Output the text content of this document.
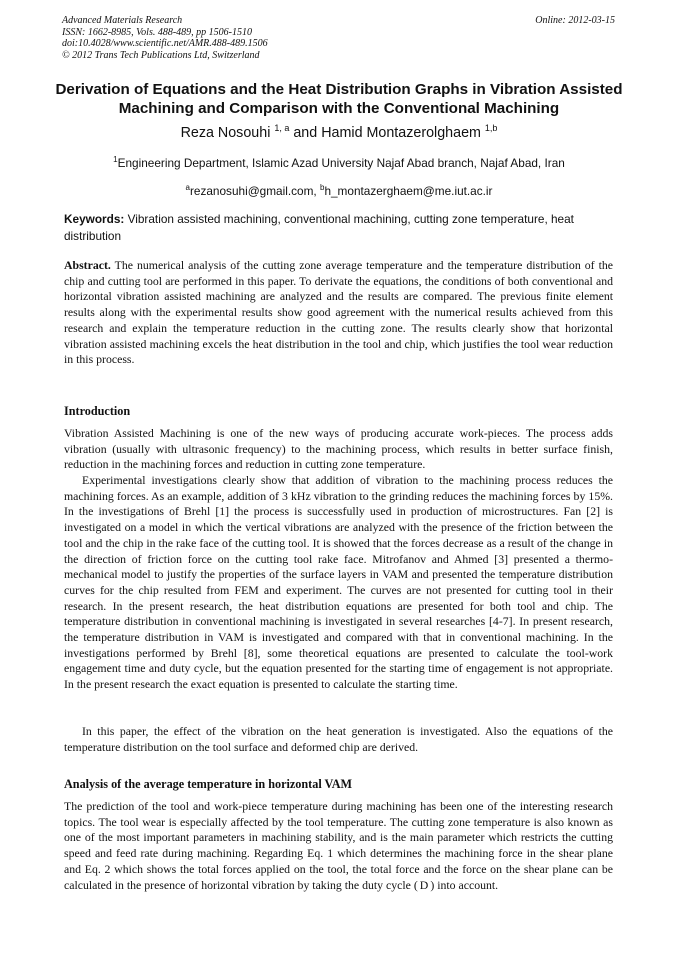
Advanced Materials Research
ISSN: 1662-8985, Vols. 488-489, pp 1506-1510
doi:10.4028/www.scientific.net/AMR.488-489.1506
© 2012 Trans Tech Publications Ltd, Switzerland
Online: 2012-03-15
Derivation of Equations and the Heat Distribution Graphs in Vibration Assisted Machining and Comparison with the Conventional Machining
Reza Nosouhi $^{1, a}$ and Hamid Montazerolghaem $^{1,b}$
$^1$Engineering Department, Islamic Azad University Najaf Abad branch, Najaf Abad, Iran
$^a$rezanosuhi@gmail.com, $^b$h_montazerghaem@me.iut.ac.ir
Keywords: Vibration assisted machining, conventional machining, cutting zone temperature, heat distribution
Abstract. The numerical analysis of the cutting zone average temperature and the temperature distribution of the chip and cutting tool are performed in this paper. To derivate the equations, the conditions of both conventional and horizontal vibration assisted machining are analyzed and the results are compared. The previous finite element results along with the experimental results show good agreement with the numerical results achieved from this research and explain the temperature reduction in the cutting zone. The results clearly show that horizontal vibration assisted machining excels the heat distribution in the tool and chip, which justifies the tool wear reduction in this process.
Introduction
Vibration Assisted Machining is one of the new ways of producing accurate work-pieces. The process adds vibration (usually with ultrasonic frequency) to the machining process, which results in better surface finish, reduction in the machining forces and reduction in cutting zone temperature.
Experimental investigations clearly show that addition of vibration to the machining process reduces the machining forces. As an example, addition of 3 kHz vibration to the grinding reduces the machining forces by 15%. In the investigations of Brehl [1] the process is successfully used in production of microstructures. Fan [2] is investigated on a model in which the vertical vibrations are analyzed with the presence of the friction between the tool and the chip in the rake face of the cutting tool. It is showed that the forces decrease as a result of the change in the direction of friction force on the cutting tool rake face. Mitrofanov and Ahmed [3] presented a thermo-mechanical model to justify the properties of the surface layers in VAM and presented the temperature distribution curves for the chip resulted from FEM and experiment. The curves are not presented for cutting tool in their research. In the present research, the heat distribution equations are presented for both tool and chip. The temperature distribution in conventional machining is investigated in several researches [4-7]. In present research, the temperature distribution in VAM is investigated and compared with that in conventional machining. In the investigations performed by Brehl [8], some theoretical equations are presented to calculate the tool-work engagement time and duty cycle, but the equation presented for the starting time of engagement is not appropriate. In the present research the exact equation is presented to calculate the starting time.
In this paper, the effect of the vibration on the heat generation is investigated. Also the equations of the temperature distribution on the tool surface and deformed chip are derived.
Analysis of the average temperature in horizontal VAM
The prediction of the tool and work-piece temperature during machining has been one of the interesting research topics. The tool wear is especially affected by the tool temperature. The cutting zone temperature is also known as one of the most important parameters in machining stability, and is the main parameter which restricts the cutting speed and feed rate during machining. Regarding Eq. 1 which determines the machining force in the shear plane and Eq. 2 which shows the total forces applied on the tool, the total force and the force on the shear plane can be calculated in the presence of horizontal vibration by taking the duty cycle ( D ) into account.
